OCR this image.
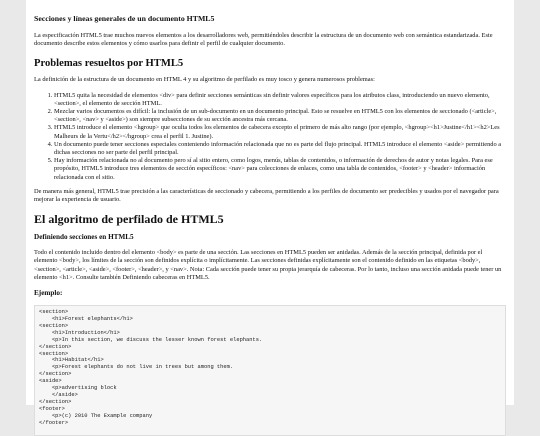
Secciones y líneas generales de un documento HTML5

La especificación HTML5 trae muchos nuevos elementos a los desarrolladores web, permitiéndoles describir la estructura de un documento web con semántica estandarizada. Este documento describe estos elementos y cómo usarlos para definir el perfil de cualquier documento.

Problemas resueltos por HTML5

La definición de la estructura de un documento en HTML 4 y su algoritmo de perfilado es muy tosco y genera numerosos problemas:

1. HTML5 quita la necesidad de elementos <div> para definir secciones semánticas sin definir valores específicos para los atributos class, introduciendo un nuevo elemento, <section>, el elemento de sección HTML.
2. Mezclar varios documentos es difícil: la inclusión de un sub-documento en un documento principal. Esto se resuelve en HTML5 con los elementos de seccionado (<article>, <section>, <nav> y <aside>) son siempre subsecciones de su sección ancestra más cercana.
3. HTML5 introduce el elemento <hgroup> que oculta todos los elementos de cabecera excepto el primero de más alto rango (por ejemplo, <hgroup><h1>Justine</h1><h2>Les Malheurs de la Vertu</h2></hgroup> crea el perfil 1. Justine).
4. Un documento puede tener secciones especiales conteniendo información relacionada que no es parte del flujo principal. HTML5 introduce el elemento <aside> permitiendo a dichas secciones no ser parte del perfil principal.
5. Hay información relacionada no al documento pero sí al sitio entero, como logos, menús, tablas de contenidos, o información de derechos de autor y notas legales. Para ese propósito, HTML5 introduce tres elementos de sección específicos: <nav> para colecciones de enlaces, como una tabla de contenidos, <footer> y <header> información relacionada con el sitio.

De manera más general, HTML5 trae precisión a las características de seccionado y cabecera, permitiendo a los perfiles de documento ser predecibles y usados por el navegador para mejorar la experiencia de usuario.

El algoritmo de perfilado de HTML5
Definiendo secciones en HTML5

Todo el contenido incluido dentro del elemento <body> es parte de una sección. Las secciones en HTML5 pueden ser anidadas. Además de la sección principal, definida por el elemento <body>, los límites de la sección son definidos explícita o implícitamente. Las secciones definidas explícitamente son el contenido definido en las etiquetas <body>, <section>, <article>, <aside>, <footer>, <header>, y <nav>. Nota: Cada sección puede tener su propia jerarquía de cabeceras. Por lo tanto, incluso una sección anidada puede tener un elemento <h1>. Consulte también Definiendo cabeceras en HTML5.

Ejemplo:
<section>
<h1>Forest elephants</h1>
<section>
<h1>Introduction</h1>
<p>In this section, we discuss the lesser known forest elephants.
</section>
<section>
<h1>Habitat</h1>
<p>Forest elephants do not live in trees but among them.
</section>
<aside>
<p>advertising block
</aside>
</section>
<footer>
<p>(c) 2010 The Example company
</footer>
